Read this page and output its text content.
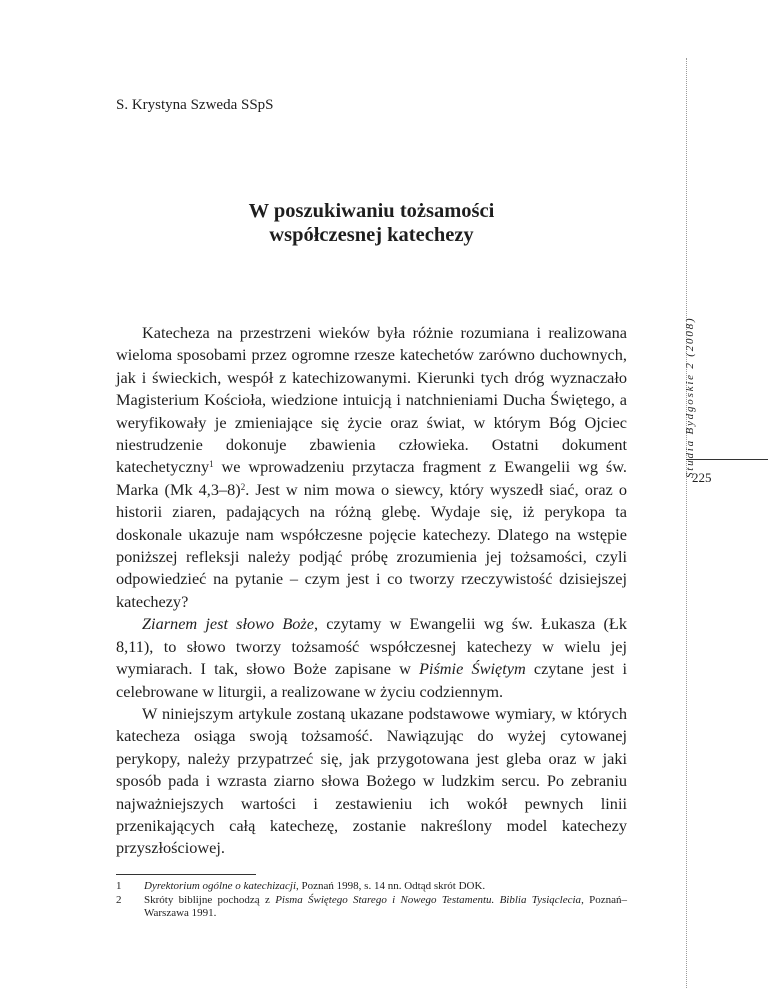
S. Krystyna Szweda SSpS
W poszukiwaniu tożsamości
współczesnej katechezy

Katecheza na przestrzeni wieków była różnie rozumiana i realizowana wieloma sposobami przez ogromne rzesze katechetów zarówno duchownych, jak i świeckich, wespół z katechizowanymi. Kierunki tych dróg wyznaczało Magisterium Kościoła, wiedzione intuicją i natchnieniami Ducha Świętego, a weryfikowały je zmieniające się życie oraz świat, w którym Bóg Ojciec niestrudzenie dokonuje zbawienia człowieka. Ostatni dokument katechetyczny$^1$ we wprowadzeniu przytacza fragment z Ewangelii wg św. Marka (Mk 4,3–8)$^2$. Jest w nim mowa o siewcy, który wyszedł siać, oraz o historii ziaren, padających na różną glebę. Wydaje się, iż perykopa ta doskonale ukazuje nam współczesne pojęcie katechezy. Dlatego na wstępie poniższej refleksji należy podjąć próbę zrozumienia jej tożsamości, czyli odpowiedzieć na pytanie – czym jest i co tworzy rzeczywistość dzisiejszej katechezy?

Ziarnem jest słowo Boże, czytamy w Ewangelii wg św. Łukasza (Łk 8,11), to słowo tworzy tożsamość współczesnej katechezy w wielu jej wymiarach. I tak, słowo Boże zapisane w Piśmie Świętym czytane jest i celebrowane w liturgii, a realizowane w życiu codziennym.

W niniejszym artykule zostaną ukazane podstawowe wymiary, w których katecheza osiąga swoją tożsamość. Nawiązując do wyżej cytowanej perykopy, należy przypatrzeć się, jak przygotowana jest gleba oraz w jaki sposób pada i wzrasta ziarno słowa Bożego w ludzkim sercu. Po zebraniu najważniejszych wartości i zestawieniu ich wokół pewnych linii przenikających całą katechezę, zostanie nakreślony model katechezy przyszłościowej.

1 Dyrektorium ogólne o katechizacji, Poznań 1998, s. 14 nn. Odtąd skrót DOK.
2 Skróty biblijne pochodzą z Pisma Świętego Starego i Nowego Testamentu. Biblia Tysiąclecia, Poznań–Warszawa 1991.
Studia Bydgoskie 2 (2008)
225
